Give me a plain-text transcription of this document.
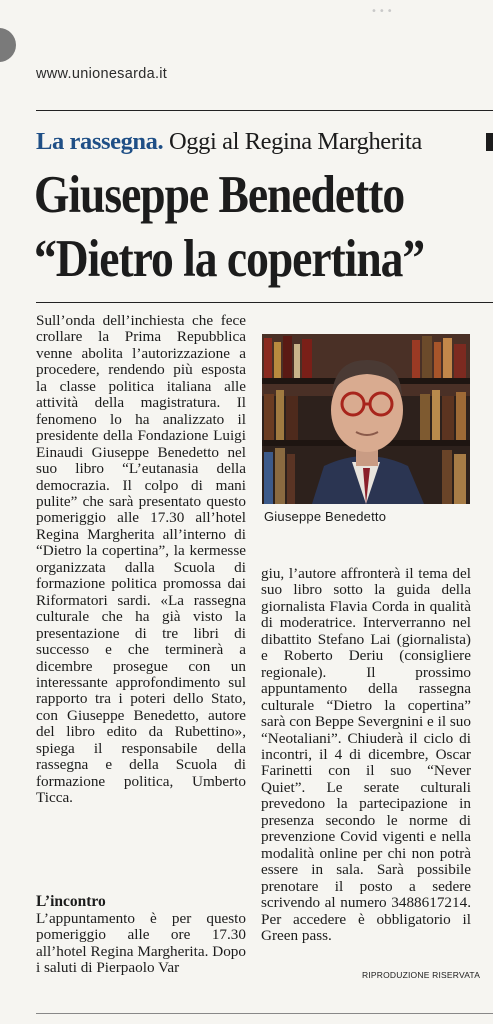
•••
www.unionesarda.it
La rassegna. Oggi al Regina Margherita
Giuseppe Benedetto
“Dietro la copertina”
Sull’onda dell’inchiesta che fece crollare la Prima Repubblica venne abolita l’autorizzazione a procedere, rendendo più esposta la classe politica italiana alle attività della magistratura. Il fenomeno lo ha analizzato il presidente della Fondazione Luigi Einaudi Giuseppe Benedetto nel suo libro “L’eutanasia della democrazia. Il colpo di mani pulite” che sarà presentato questo pomeriggio alle 17.30 all’hotel Regina Margherita all’interno di “Dietro la copertina”, la kermesse organizzata dalla Scuola di formazione politica promossa dai Riformatori sardi. «La rassegna culturale che ha già visto la presentazione di tre libri di successo e che terminerà a dicembre prosegue con un interessante approfondimento sul rapporto tra i poteri dello Stato, con Giuseppe Benedetto, autore del libro edito da Rubettino», spiega il responsabile della rassegna e della Scuola di formazione politica, Umberto Ticca.
L’incontro
L’appuntamento è per questo pomeriggio alle ore 17.30 all’hotel Regina Margherita. Dopo i saluti di Pierpaolo Var
Giuseppe Benedetto
giu, l’autore affronterà il tema del suo libro sotto la guida della giornalista Flavia Corda in qualità di moderatrice. Interverranno nel dibattito Stefano Lai (giornalista) e Roberto Deriu (consigliere regionale). Il prossimo appuntamento della rassegna culturale “Dietro la copertina” sarà con Beppe Severgnini e il suo “Neotaliani”. Chiuderà il ciclo di incontri, il 4 di dicembre, Oscar Farinetti con il suo “Never Quiet”. Le serate culturali prevedono la partecipazione in presenza secondo le norme di prevenzione Covid vigenti e nella modalità online per chi non potrà essere in sala. Sarà possibile prenotare il posto a sedere scrivendo al numero 3488617214. Per accedere è obbligatorio il Green pass.
RIPRODUZIONE RISERVATA
